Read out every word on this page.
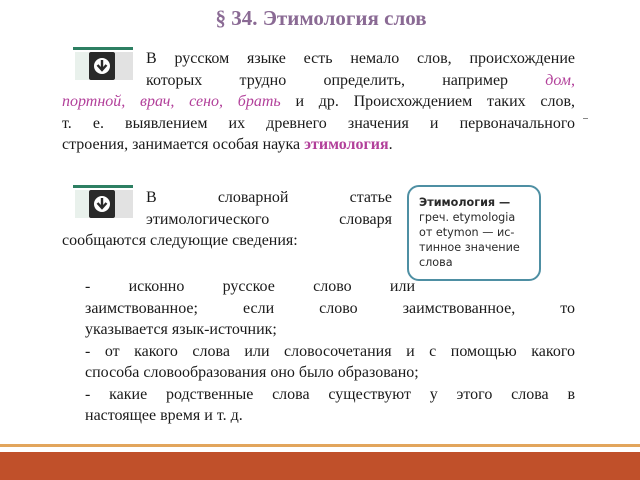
§ 34. Этимология слов
В русском языке есть немало слов, происхождение
которых трудно определить, например дом,
портной, врач, сено, брать и др. Происхождением таких слов,
т. е. выявлением их древнего значения и первоначального
строения, занимается особая наука этимология.
В словарной статье
этимологического словаря
сообщаются следующие сведения:
Этимология —
греч. etymologia
от etymon — ис-
тинное значение
слова
- исконно русское слово или
заимствованное; если слово заимствованное, то
указывается язык-источник;
- от какого слова или словосочетания и с помощью какого
способа словообразования оно было образовано;
- какие родственные слова существуют у этого слова в
настоящее время и т. д.
